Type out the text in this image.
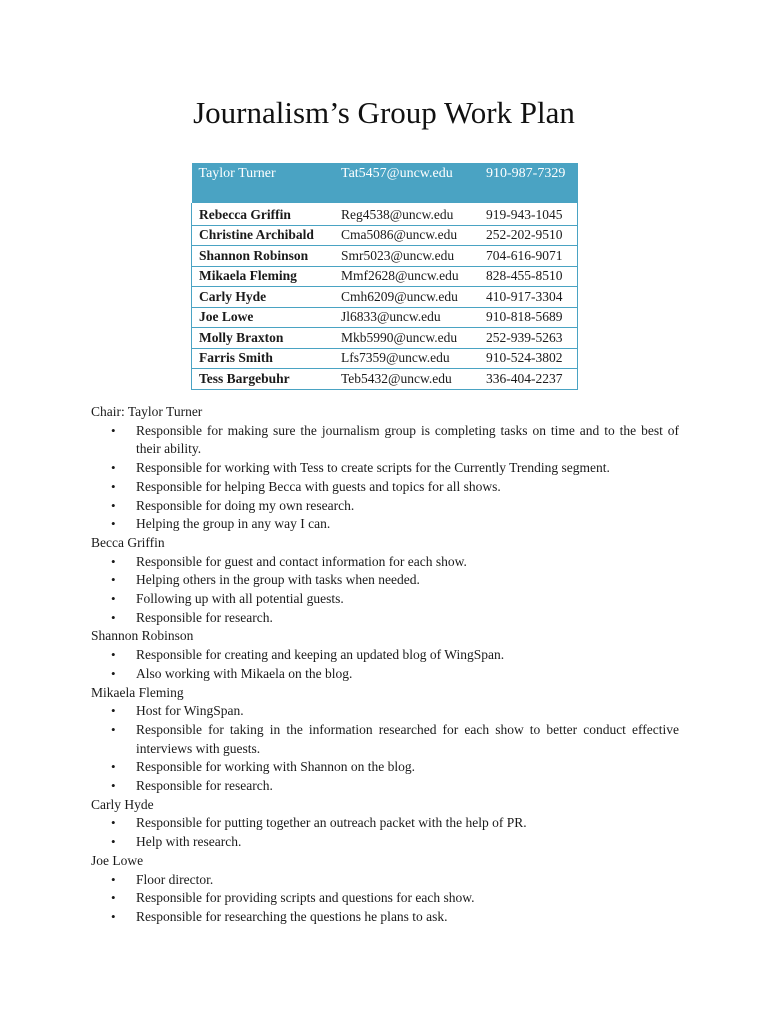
Journalism’s Group Work Plan
Taylor Turner	Tat5457@uncw.edu	910-987-7329
Rebecca Griffin	Reg4538@uncw.edu	919-943-1045
Christine Archibald	Cma5086@uncw.edu	252-202-9510
Shannon Robinson	Smr5023@uncw.edu	704-616-9071
Mikaela Fleming	Mmf2628@uncw.edu	828-455-8510
Carly Hyde	Cmh6209@uncw.edu	410-917-3304
Joe Lowe	Jl6833@uncw.edu	910-818-5689
Molly Braxton	Mkb5990@uncw.edu	252-939-5263
Farris Smith	Lfs7359@uncw.edu	910-524-3802
Tess Bargebuhr	Teb5432@uncw.edu	336-404-2237

Chair: Taylor Turner

• Responsible for making sure the journalism group is completing tasks on time and to the best of their ability.
• Responsible for working with Tess to create scripts for the Currently Trending segment.
• Responsible for helping Becca with guests and topics for all shows.
• Responsible for doing my own research.
• Helping the group in any way I can.

Becca Griffin

• Responsible for guest and contact information for each show.
• Helping others in the group with tasks when needed.
• Following up with all potential guests.
• Responsible for research.

Shannon Robinson

• Responsible for creating and keeping an updated blog of WingSpan.
• Also working with Mikaela on the blog.

Mikaela Fleming

• Host for WingSpan.
• Responsible for taking in the information researched for each show to better conduct effective interviews with guests.
• Responsible for working with Shannon on the blog.
• Responsible for research.

Carly Hyde

• Responsible for putting together an outreach packet with the help of PR.
• Help with research.

Joe Lowe

• Floor director.
• Responsible for providing scripts and questions for each show.
• Responsible for researching the questions he plans to ask.
